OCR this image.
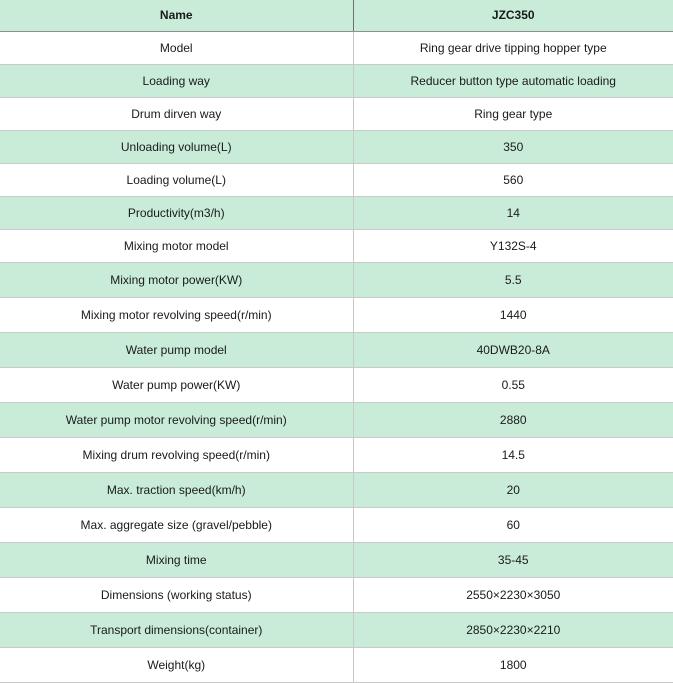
Name	JZC350
Model	Ring gear drive tipping hopper type
Loading way	Reducer button type automatic loading
Drum dirven way	Ring gear type
Unloading volume(L)	350
Loading volume(L)	560
Productivity(m3/h)	14
Mixing motor model	Y132S-4
Mixing motor power(KW)	5.5
Mixing motor revolving speed(r/min)	1440
Water pump model	40DWB20-8A
Water pump power(KW)	0.55
Water pump motor revolving speed(r/min)	2880
Mixing drum revolving speed(r/min)	14.5
Max. traction speed(km/h)	20
Max. aggregate size (gravel/pebble)	60
Mixing time	35-45
Dimensions (working status)	2550×2230×3050
Transport dimensions(container)	2850×2230×2210
Weight(kg)	1800
